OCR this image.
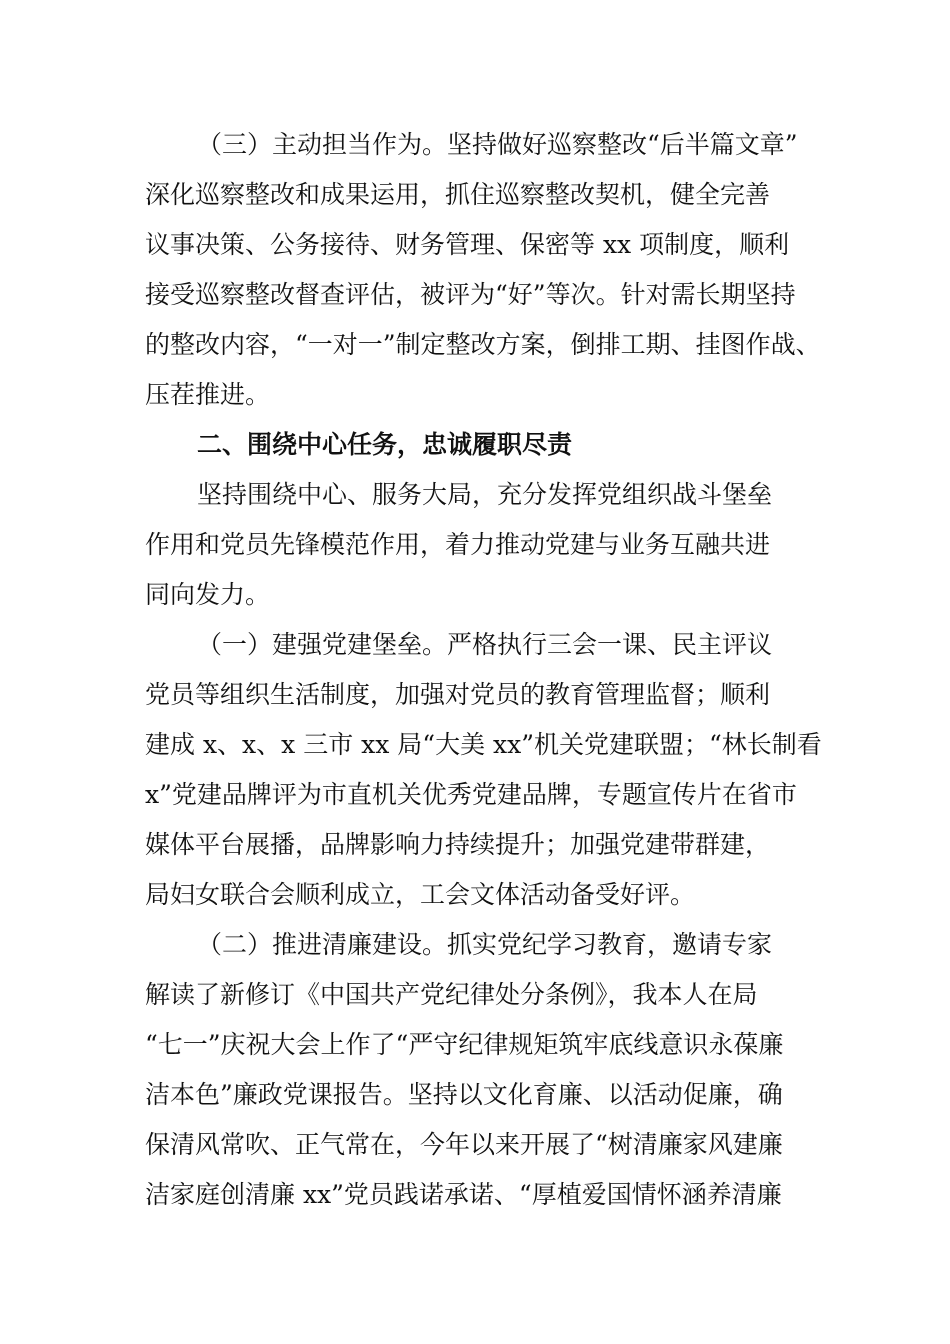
（三）主动担当作为。坚持做好巡察整改“后半篇文章”
深化巡察整改和成果运用，抓住巡察整改契机，健全完善
议事决策、公务接待、财务管理、保密等 xx 项制度，顺利
接受巡察整改督查评估，被评为“好”等次。针对需长期坚持
的整改内容，“一对一”制定整改方案，倒排工期、挂图作战、
压茬推进。
二、围绕中心任务，忠诚履职尽责
坚持围绕中心、服务大局，充分发挥党组织战斗堡垒
作用和党员先锋模范作用，着力推动党建与业务互融共进
同向发力。
（一）建强党建堡垒。严格执行三会一课、民主评议
党员等组织生活制度，加强对党员的教育管理监督；顺利
建成 x、x、x 三市 xx 局“大美 xx”机关党建联盟；“林长制看
x”党建品牌评为市直机关优秀党建品牌，专题宣传片在省市
媒体平台展播，品牌影响力持续提升；加强党建带群建，
局妇女联合会顺利成立，工会文体活动备受好评。
（二）推进清廉建设。抓实党纪学习教育，邀请专家
解读了新修订《中国共产党纪律处分条例》，我本人在局
“七一”庆祝大会上作了“严守纪律规矩筑牢底线意识永葆廉
洁本色”廉政党课报告。坚持以文化育廉、以活动促廉，确
保清风常吹、正气常在，今年以来开展了“树清廉家风建廉
洁家庭创清廉 xx”党员践诺承诺、“厚植爱国情怀涵养清廉
